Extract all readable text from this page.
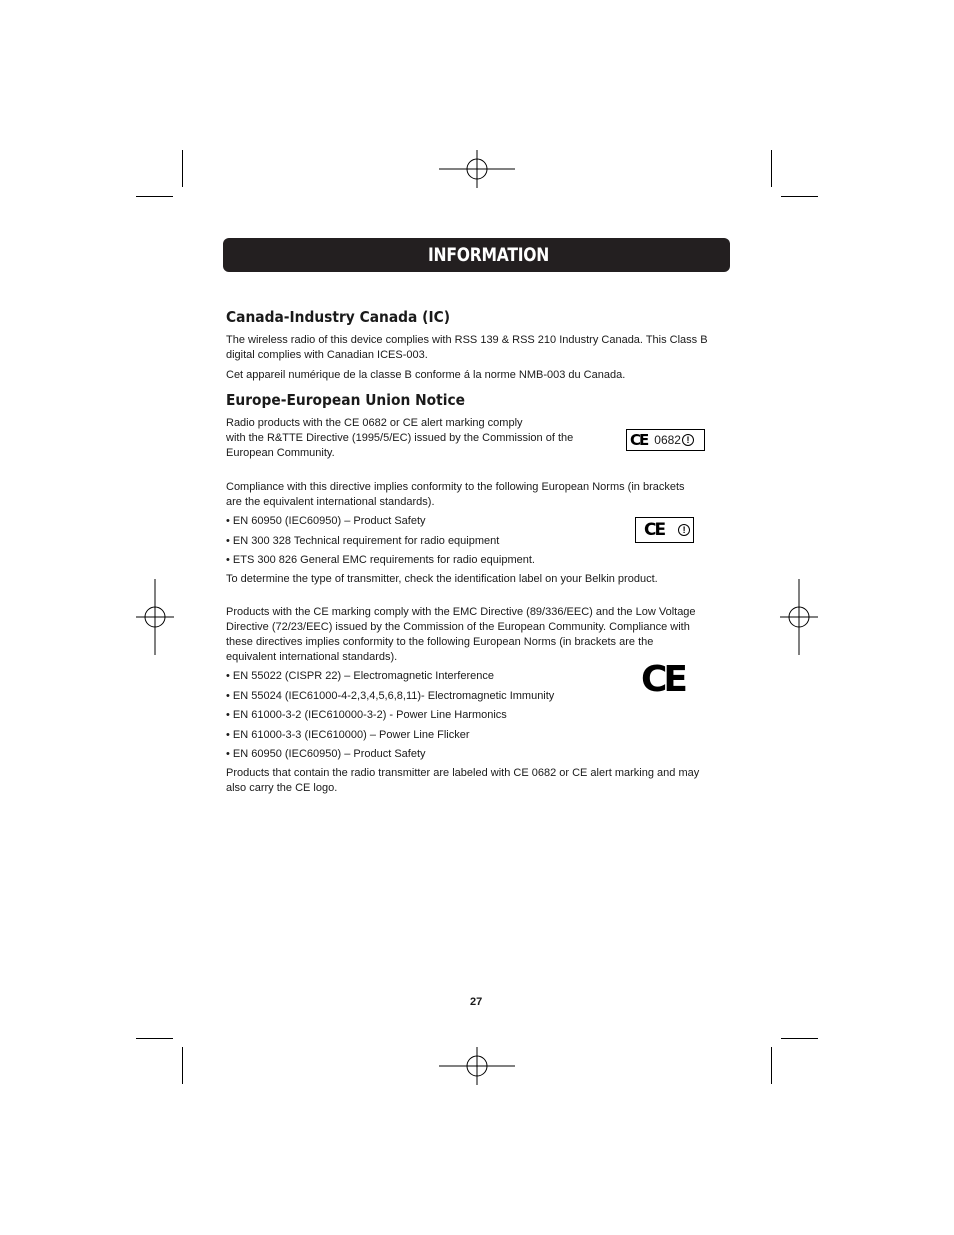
INFORMATION
Canada-Industry Canada (IC)
The wireless radio of this device complies with RSS 139 & RSS 210 Industry Canada. This Class B
digital complies with Canadian ICES-003.
Cet appareil numérique de la classe B conforme á la norme NMB-003 du Canada.
Europe-European Union Notice
Radio products with the CE 0682 or CE alert marking comply
with the R&TTE Directive (1995/5/EC) issued by the Commission of the
European Community.
CE 0682 !
Compliance with this directive implies conformity to the following European Norms (in brackets
are the equivalent international standards).
• EN 60950 (IEC60950) – Product Safety
• EN 300 328 Technical requirement for radio equipment
• ETS 300 826 General EMC requirements for radio equipment.
CE	!
To determine the type of transmitter, check the identification label on your Belkin product.
Products with the CE marking comply with the EMC Directive (89/336/EEC) and the Low Voltage
Directive (72/23/EEC) issued by the Commission of the European Community. Compliance with
these directives implies conformity to the following European Norms (in brackets are the
equivalent international standards).
• EN 55022 (CISPR 22) – Electromagnetic Interference
• EN 55024 (IEC61000-4-2,3,4,5,6,8,11)- Electromagnetic Immunity
• EN 61000-3-2 (IEC610000-3-2) - Power Line Harmonics
• EN 61000-3-3 (IEC610000) – Power Line Flicker
• EN 60950 (IEC60950) – Product Safety
CE
Products that contain the radio transmitter are labeled with CE 0682 or CE alert marking and may
also carry the CE logo.
27
